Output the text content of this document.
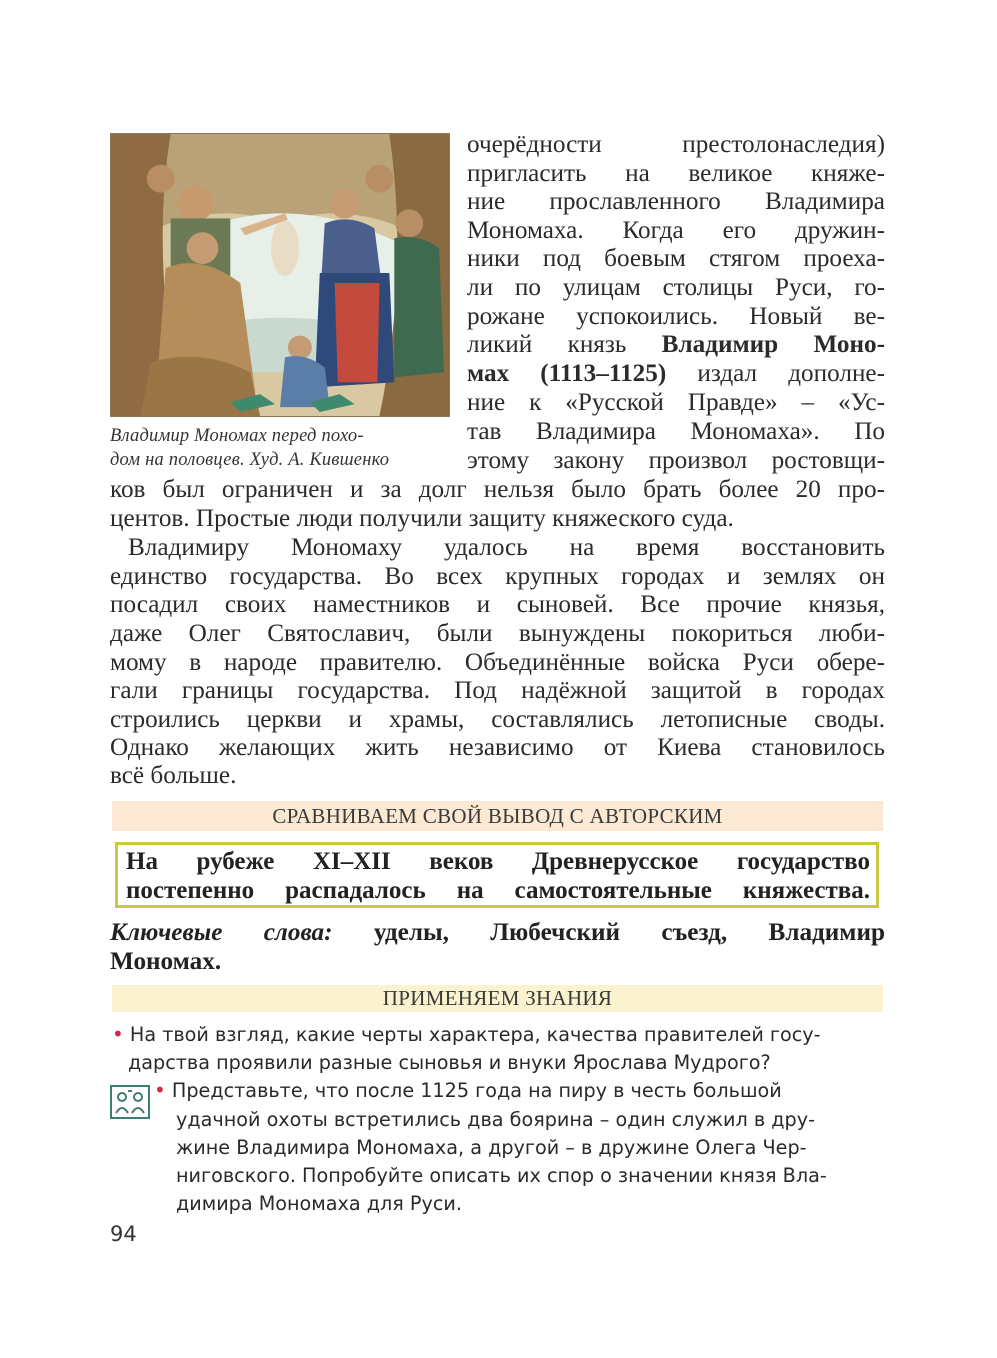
Владимир Мономах перед похо-
дом на половцев. Худ. А. Кившенко
очерёдности престолонаследия)
пригласить на великое княже-
ние прославленного Владимира
Мономаха. Когда его дружин-
ники под боевым стягом проеха-
ли по улицам столицы Руси, го-
рожане успокоились. Новый ве-
ликий князь Владимир Моно-
мах (1113–1125) издал дополне-
ние к «Русской Правде» – «Ус-
тав Владимира Мономаха». По
этому закону произвол ростовщи-
ков был ограничен и за долг нельзя было брать более 20 про-
центов. Простые люди получили защиту княжеского суда.
Владимиру Мономаху удалось на время восстановить
единство государства. Во всех крупных городах и землях он
посадил своих наместников и сыновей. Все прочие князья,
даже Олег Святославич, были вынуждены покориться люби-
мому в народе правителю. Объединённые войска Руси обере-
гали границы государства. Под надёжной защитой в городах
строились церкви и храмы, составлялись летописные своды.
Однако желающих жить независимо от Киева становилось
всё больше.
СРАВНИВАЕМ СВОЙ ВЫВОД С АВТОРСКИМ
На рубеже XI–XII веков Древнерусское государство
постепенно распадалось на самостоятельные княжества.
Ключевые слова: уделы, Любечский съезд, Владимир
Мономах.
ПРИМЕНЯЕМ ЗНАНИЯ
• На твой взгляд, какие черты характера, качества правителей госу-
дарства проявили разные сыновья и внуки Ярослава Мудрого?
• Представьте, что после 1125 года на пиру в честь большой
удачной охоты встретились два боярина – один служил в дру-
жине Владимира Мономаха, а другой – в дружине Олега Чер-
ниговского. Попробуйте описать их спор о значении князя Вла-
димира Мономаха для Руси.
94
